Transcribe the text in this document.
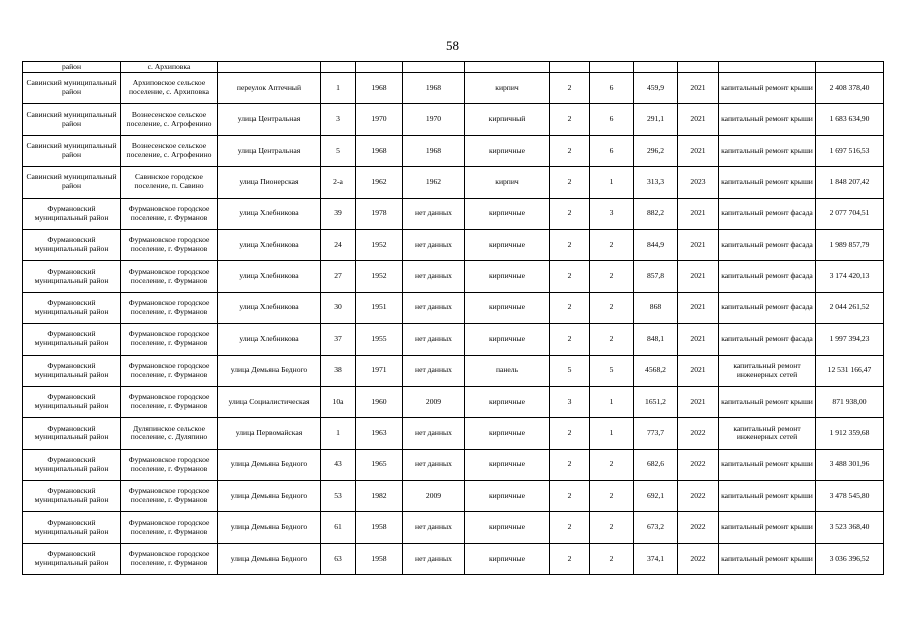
58
район	с. Архиповка											
Савинский муниципальный район	Архиповское сельское поселение, с. Архиповка	переулок Аптечный	1	1968	1968	кирпич	2	6	459,9	2021	капитальный ремонт крыши	2 408 378,40
Савинский муниципальный район	Вознесенское сельское поселение, с. Агрофенино	улица Центральная	3	1970	1970	кирпичный	2	6	291,1	2021	капитальный ремонт крыши	1 683 634,90
Савинский муниципальный район	Вознесенское сельское поселение, с. Агрофенино	улица Центральная	5	1968	1968	кирпичные	2	6	296,2	2021	капитальный ремонт крыши	1 697 516,53
Савинский муниципальный район	Савинское городское поселение, п. Савино	улица Пионерская	2-а	1962	1962	кирпич	2	1	313,3	2023	капитальный ремонт крыши	1 848 207,42
Фурмановский муниципальный район	Фурмановское городское поселение, г. Фурманов	улица Хлебникова	39	1978	нет данных	кирпичные	2	3	882,2	2021	капитальный ремонт фасада	2 077 704,51
Фурмановский муниципальный район	Фурмановское городское поселение, г. Фурманов	улица Хлебникова	24	1952	нет данных	кирпичные	2	2	844,9	2021	капитальный ремонт фасада	1 989 857,79
Фурмановский муниципальный район	Фурмановское городское поселение, г. Фурманов	улица Хлебникова	27	1952	нет данных	кирпичные	2	2	857,8	2021	капитальный ремонт фасада	3 174 420,13
Фурмановский муниципальный район	Фурмановское городское поселение, г. Фурманов	улица Хлебникова	30	1951	нет данных	кирпичные	2	2	868	2021	капитальный ремонт фасада	2 044 261,52
Фурмановский муниципальный район	Фурмановское городское поселение, г. Фурманов	улица Хлебникова	37	1955	нет данных	кирпичные	2	2	848,1	2021	капитальный ремонт фасада	1 997 394,23
Фурмановский муниципальный район	Фурмановское городское поселение, г. Фурманов	улица Демьяна Бедного	38	1971	нет данных	панель	5	5	4568,2	2021	капитальный ремонт инженерных сетей	12 531 166,47
Фурмановский муниципальный район	Фурмановское городское поселение, г. Фурманов	улица Социалистическая	10а	1960	2009	кирпичные	3	1	1651,2	2021	капитальный ремонт крыши	871 938,00
Фурмановский муниципальный район	Дуляпинское сельское поселение, с. Дуляпино	улица Первомайская	1	1963	нет данных	кирпичные	2	1	773,7	2022	капитальный ремонт инженерных сетей	1 912 359,68
Фурмановский муниципальный район	Фурмановское городское поселение, г. Фурманов	улица Демьяна Бедного	43	1965	нет данных	кирпичные	2	2	682,6	2022	капитальный ремонт крыши	3 488 301,96
Фурмановский муниципальный район	Фурмановское городское поселение, г. Фурманов	улица Демьяна Бедного	53	1982	2009	кирпичные	2	2	692,1	2022	капитальный ремонт крыши	3 478 545,80
Фурмановский муниципальный район	Фурмановское городское поселение, г. Фурманов	улица Демьяна Бедного	61	1958	нет данных	кирпичные	2	2	673,2	2022	капитальный ремонт крыши	3 523 368,40
Фурмановский муниципальный район	Фурмановское городское поселение, г. Фурманов	улица Демьяна Бедного	63	1958	нет данных	кирпичные	2	2	374,1	2022	капитальный ремонт крыши	3 036 396,52
